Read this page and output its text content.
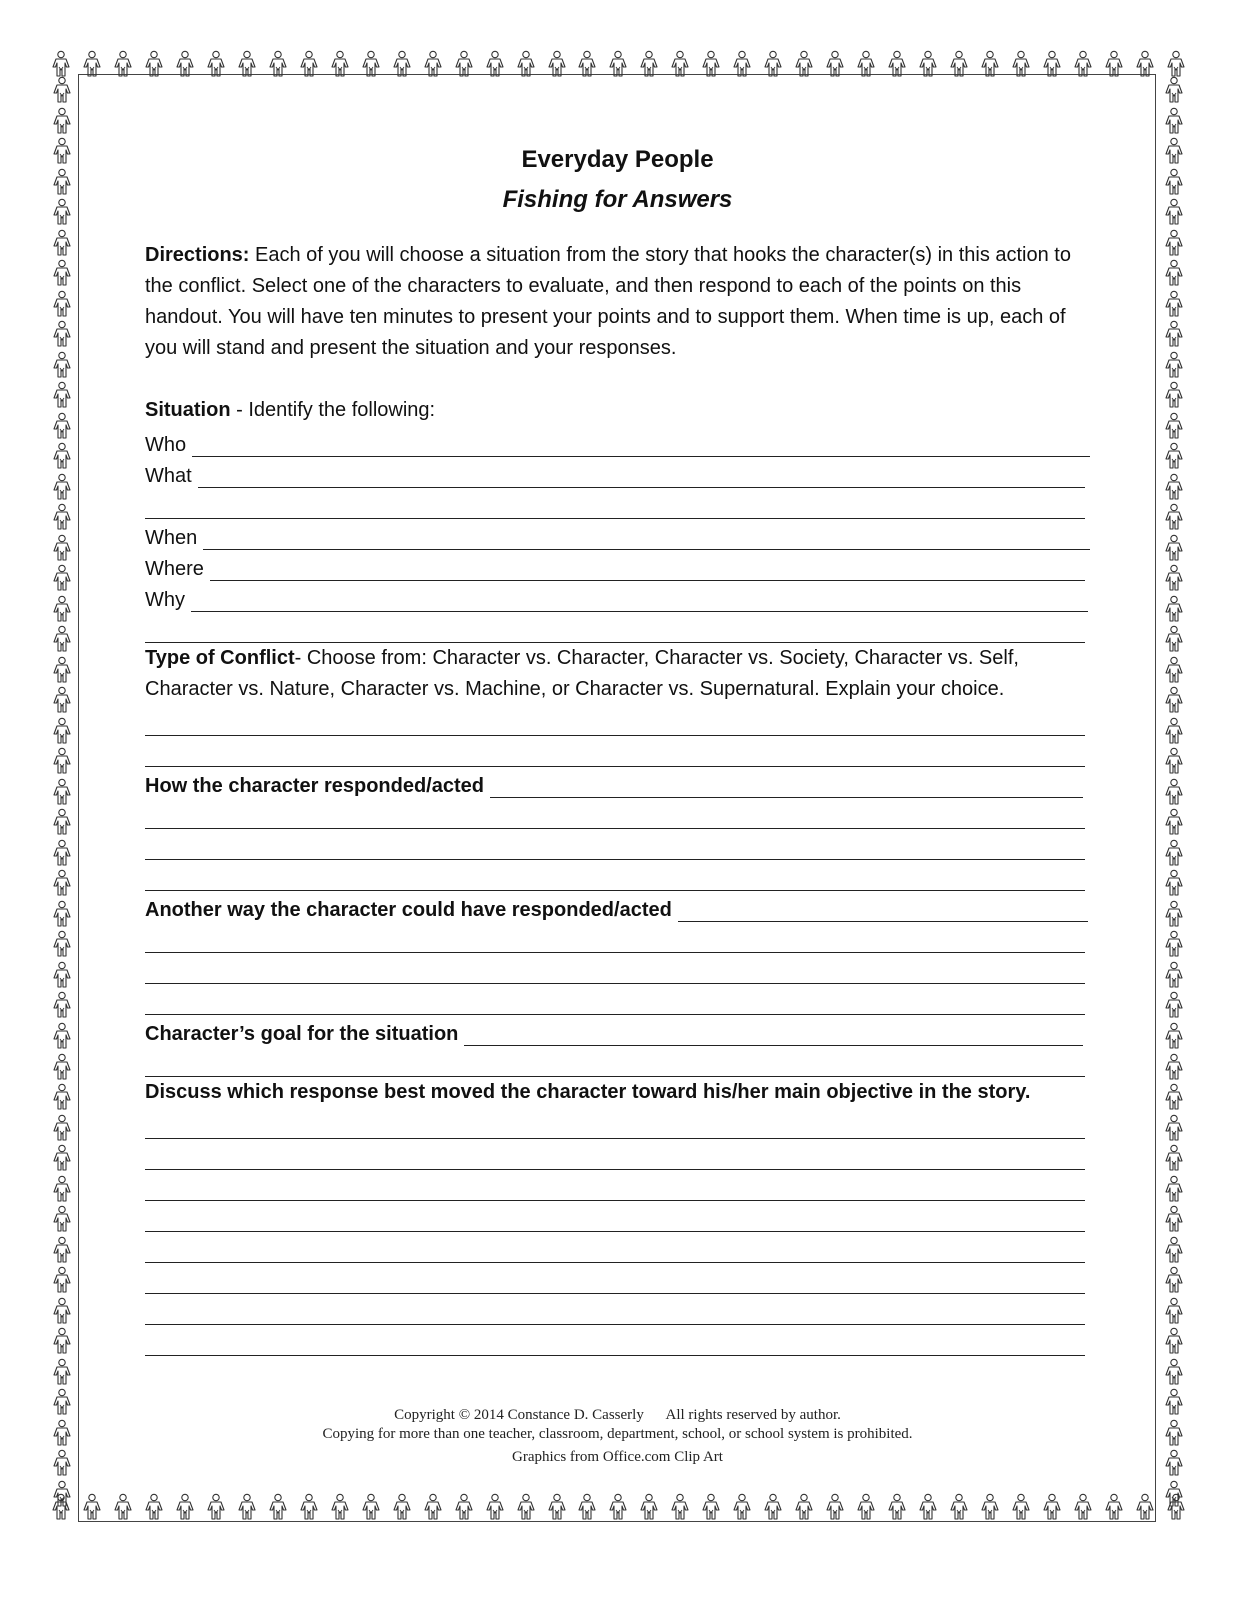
Everyday People
Fishing for Answers
Directions: Each of you will choose a situation from the story that hooks the character(s) in this action to the conflict. Select one of the characters to evaluate, and then respond to each of the points on this handout. You will have ten minutes to present your points and to support them. When time is up, each of you will stand and present the situation and your responses.
Situation - Identify the following:
Who
What
When
Where
Why
Type of Conflict- Choose from: Character vs. Character, Character vs. Society, Character vs. Self, Character vs. Nature, Character vs. Machine, or Character vs. Supernatural. Explain your choice.
How the character responded/acted
Another way the character could have responded/acted
Character’s goal for the situation
Discuss which response best moved the character toward his/her main objective in the story.
Copyright © 2014 Constance D. Casserly      All rights reserved by author.
Copying for more than one teacher, classroom, department, school, or school system is prohibited.
Graphics from Office.com Clip Art
